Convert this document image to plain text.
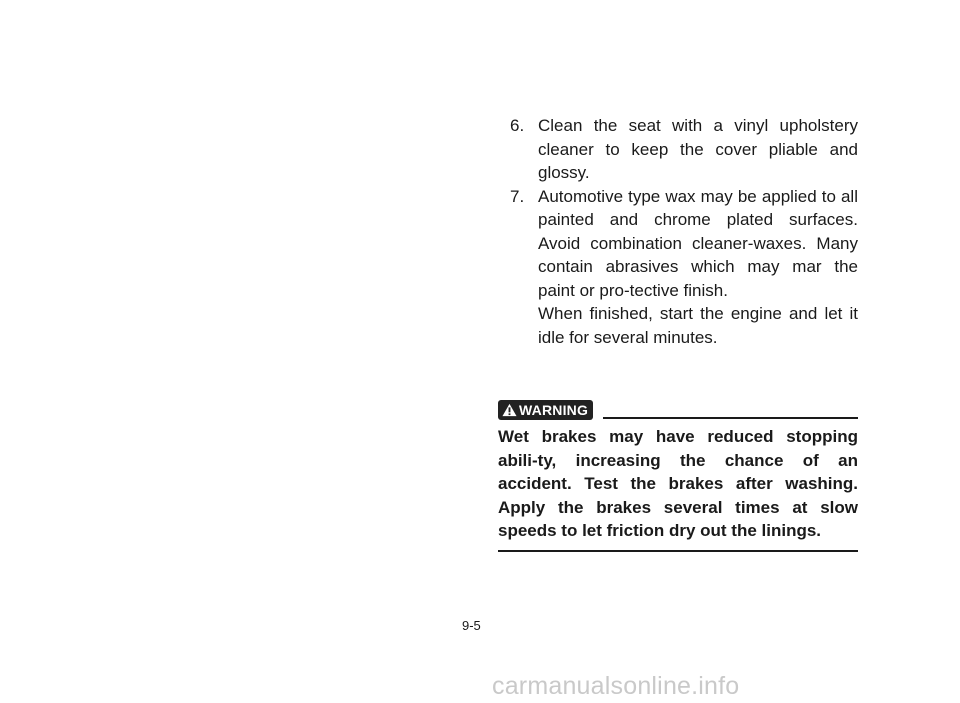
6. Clean the seat with a vinyl upholstery cleaner to keep the cover pliable and glossy.
7. Automotive type wax may be applied to all painted and chrome plated surfaces. Avoid combination cleaner-waxes. Many contain abrasives which may mar the paint or pro-tective finish.
When finished, start the engine and let it idle for several minutes.
WARNING

Wet brakes may have reduced stopping abili-ty, increasing the chance of an accident. Test the brakes after washing. Apply the brakes several times at slow speeds to let friction dry out the linings.

9-5
carmanualsonline.info
